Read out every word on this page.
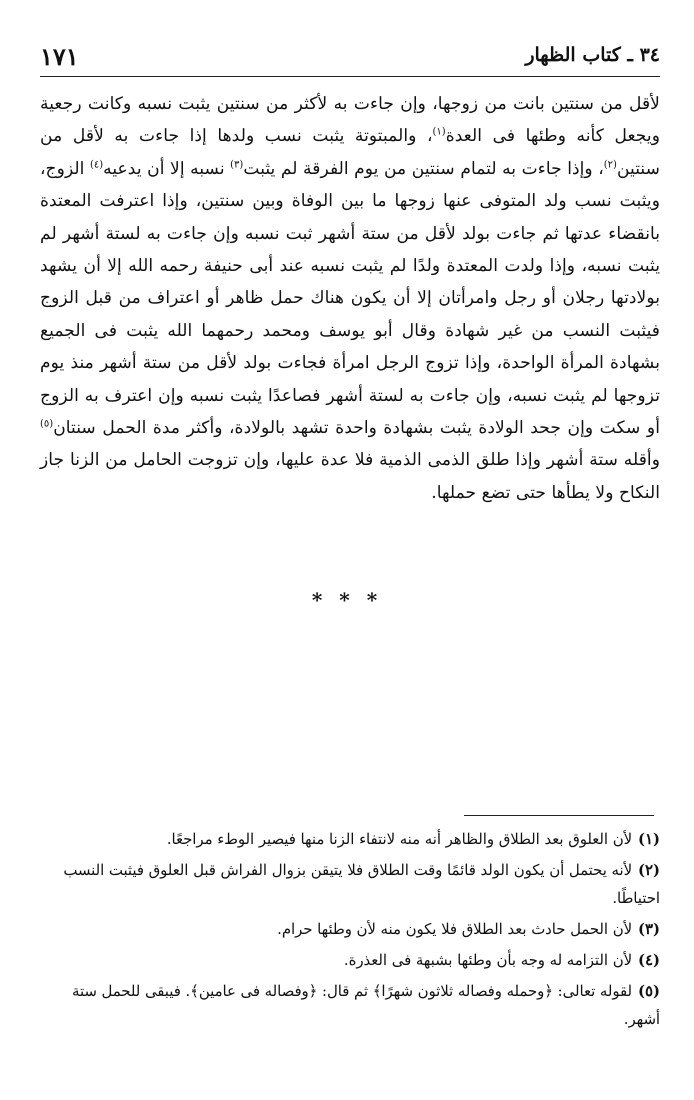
١٧١	٣٤ ـ كتاب الظهار

لأقل من سنتين بانت من زوجها، وإن جاءت به لأكثر من سنتين يثبت نسبه وكانت رجعية ويجعل كأنه وطئها فى العدة$^{(١)}$، والمبتوتة يثبت نسب ولدها إذا جاءت به لأقل من سنتين$^{(٢)}$، وإذا جاءت به لتمام سنتين من يوم الفرقة لم يثبت$^{(٣)}$ نسبه إلا أن يدعيه$^{(٤)}$ الزوج، ويثبت نسب ولد المتوفى عنها زوجها ما بين الوفاة وبين سنتين، وإذا اعترفت المعتدة بانقضاء عدتها ثم جاءت بولد لأقل من ستة أشهر ثبت نسبه وإن جاءت به لستة أشهر لم يثبت نسبه، وإذا ولدت المعتدة ولدًا لم يثبت نسبه عند أبى حنيفة رحمه الله إلا أن يشهد بولادتها رجلان أو رجل وامرأتان إلا أن يكون هناك حمل ظاهر أو اعتراف من قبل الزوج فيثبت النسب من غير شهادة وقال أبو يوسف ومحمد رحمهما الله يثبت فى الجميع بشهادة المرأة الواحدة، وإذا تزوج الرجل امرأة فجاءت بولد لأقل من ستة أشهر منذ يوم تزوجها لم يثبت نسبه، وإن جاءت به لستة أشهر فصاعدًا يثبت نسبه وإن اعترف به الزوج أو سكت وإن جحد الولادة يثبت بشهادة واحدة تشهد بالولادة، وأكثر مدة الحمل سنتان$^{(٥)}$ وأقله ستة أشهر وإذا طلق الذمى الذمية فلا عدة عليها، وإن تزوجت الحامل من الزنا جاز النكاح ولا يطأها حتى تضع حملها.

* * *

(١)لأن العلوق بعد الطلاق والظاهر أنه منه لانتفاء الزنا منها فيصير الوطء مراجعًا.

(٢)لأنه يحتمل أن يكون الولد قائمًا وقت الطلاق فلا يتيقن بزوال الفراش قبل العلوق فيثبت النسب احتياطًا.

(٣)لأن الحمل حادث بعد الطلاق فلا يكون منه لأن وطئها حرام.

(٤)لأن التزامه له وجه بأن وطئها بشبهة فى العذرة.

(٥)لقوله تعالى: ﴿وحمله وفصاله ثلاثون شهرًا﴾ ثم قال: ﴿وفصاله فى عامين﴾. فيبقى للحمل ستة أشهر.
